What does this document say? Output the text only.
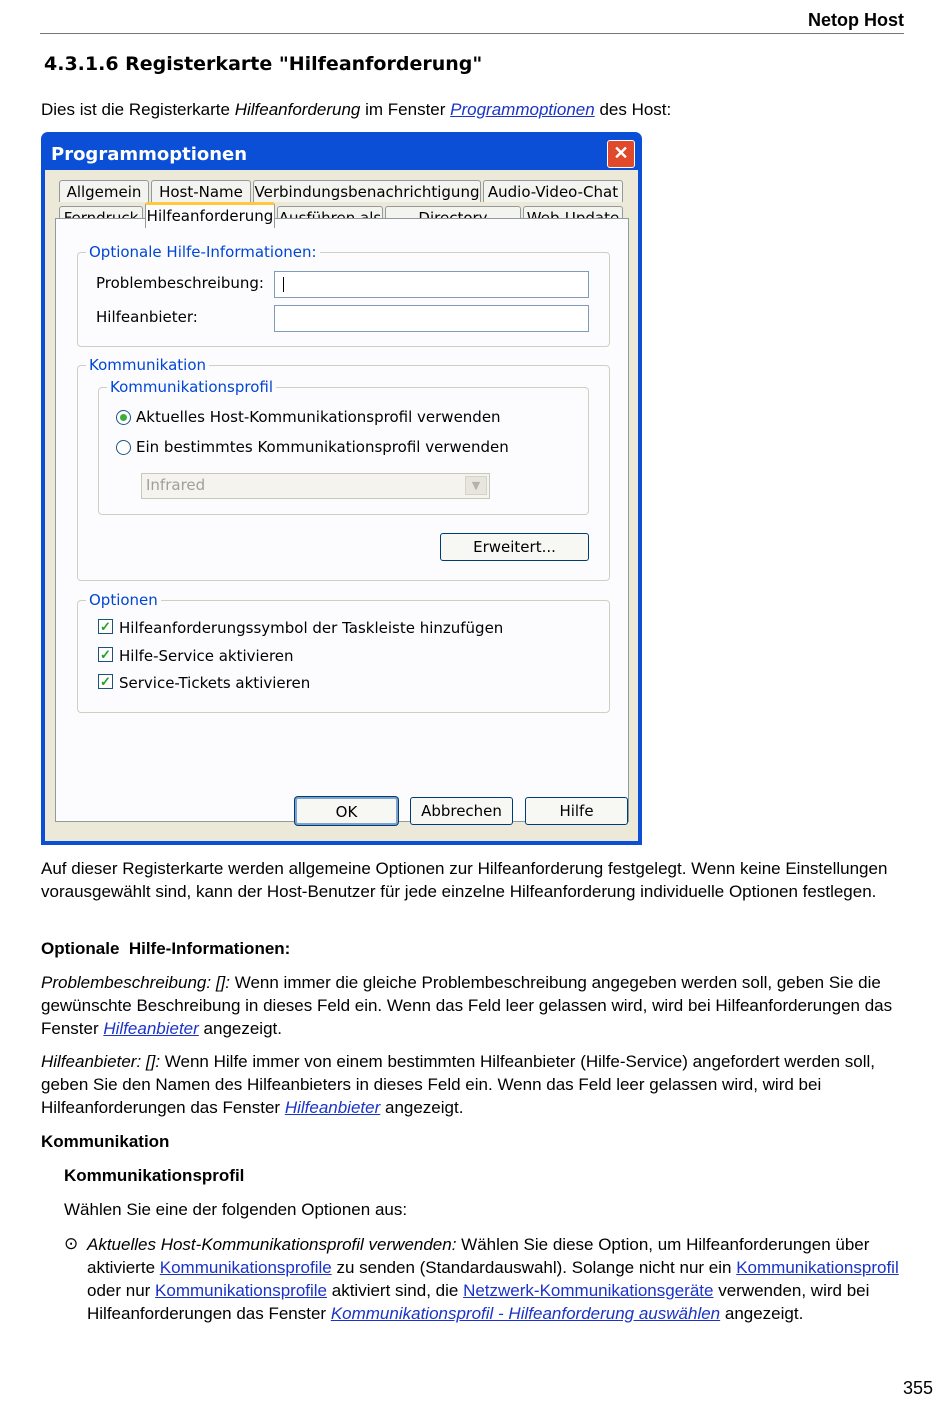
Netop Host
4.3.1.6 Registerkarte "Hilfeanforderung"
Dies ist die Registerkarte Hilfeanforderung im Fenster Programmoptionen des Host:
Programmoptionen	✕
Allgemein	Host-Name Verbindungsbenachrichtigung Audio-Video-Chat
Hilfeanforderung
Optionale Hilfe-Informationen:
Problembeschreibung:
Hilfeanbieter:
Kommunikation
Kommunikationsprofil
Aktuelles Host-Kommunikationsprofil verwenden
Ein bestimmtes Kommunikationsprofil verwenden
Infrared	▼
Erweitert...
Optionen
✓ Hilfeanforderungssymbol der Taskleiste hinzufügen
✓ Hilfe-Service aktivieren
✓ Service-Tickets aktivieren
OK	Abbrechen	Hilfe
Auf dieser Registerkarte werden allgemeine Optionen zur Hilfeanforderung festgelegt. Wenn keine Einstellungen vorausgewählt sind, kann der Host-Benutzer für jede einzelne Hilfeanforderung individuelle Optionen festlegen.
Optionale  Hilfe-Informationen:
Problembeschreibung: []: Wenn immer die gleiche Problembeschreibung angegeben werden soll, geben Sie die gewünschte Beschreibung in dieses Feld ein. Wenn das Feld leer gelassen wird, wird bei Hilfeanforderungen das Fenster Hilfeanbieter angezeigt.
Hilfeanbieter: []: Wenn Hilfe immer von einem bestimmten Hilfeanbieter (Hilfe-Service) angefordert werden soll, geben Sie den Namen des Hilfeanbieters in dieses Feld ein. Wenn das Feld leer gelassen wird, wird bei Hilfeanforderungen das Fenster Hilfeanbieter angezeigt.
Kommunikation
Kommunikationsprofil
Wählen Sie eine der folgenden Optionen aus:
⊙ Aktuelles Host-Kommunikationsprofil verwenden: Wählen Sie diese Option, um Hilfeanforderungen über aktivierte Kommunikationsprofile zu senden (Standardauswahl). Solange nicht nur ein Kommunikationsprofil oder nur Kommunikationsprofile aktiviert sind, die Netzwerk-Kommunikationsgeräte verwenden, wird bei Hilfeanforderungen das Fenster Kommunikationsprofil - Hilfeanforderung auswählen angezeigt.
355
